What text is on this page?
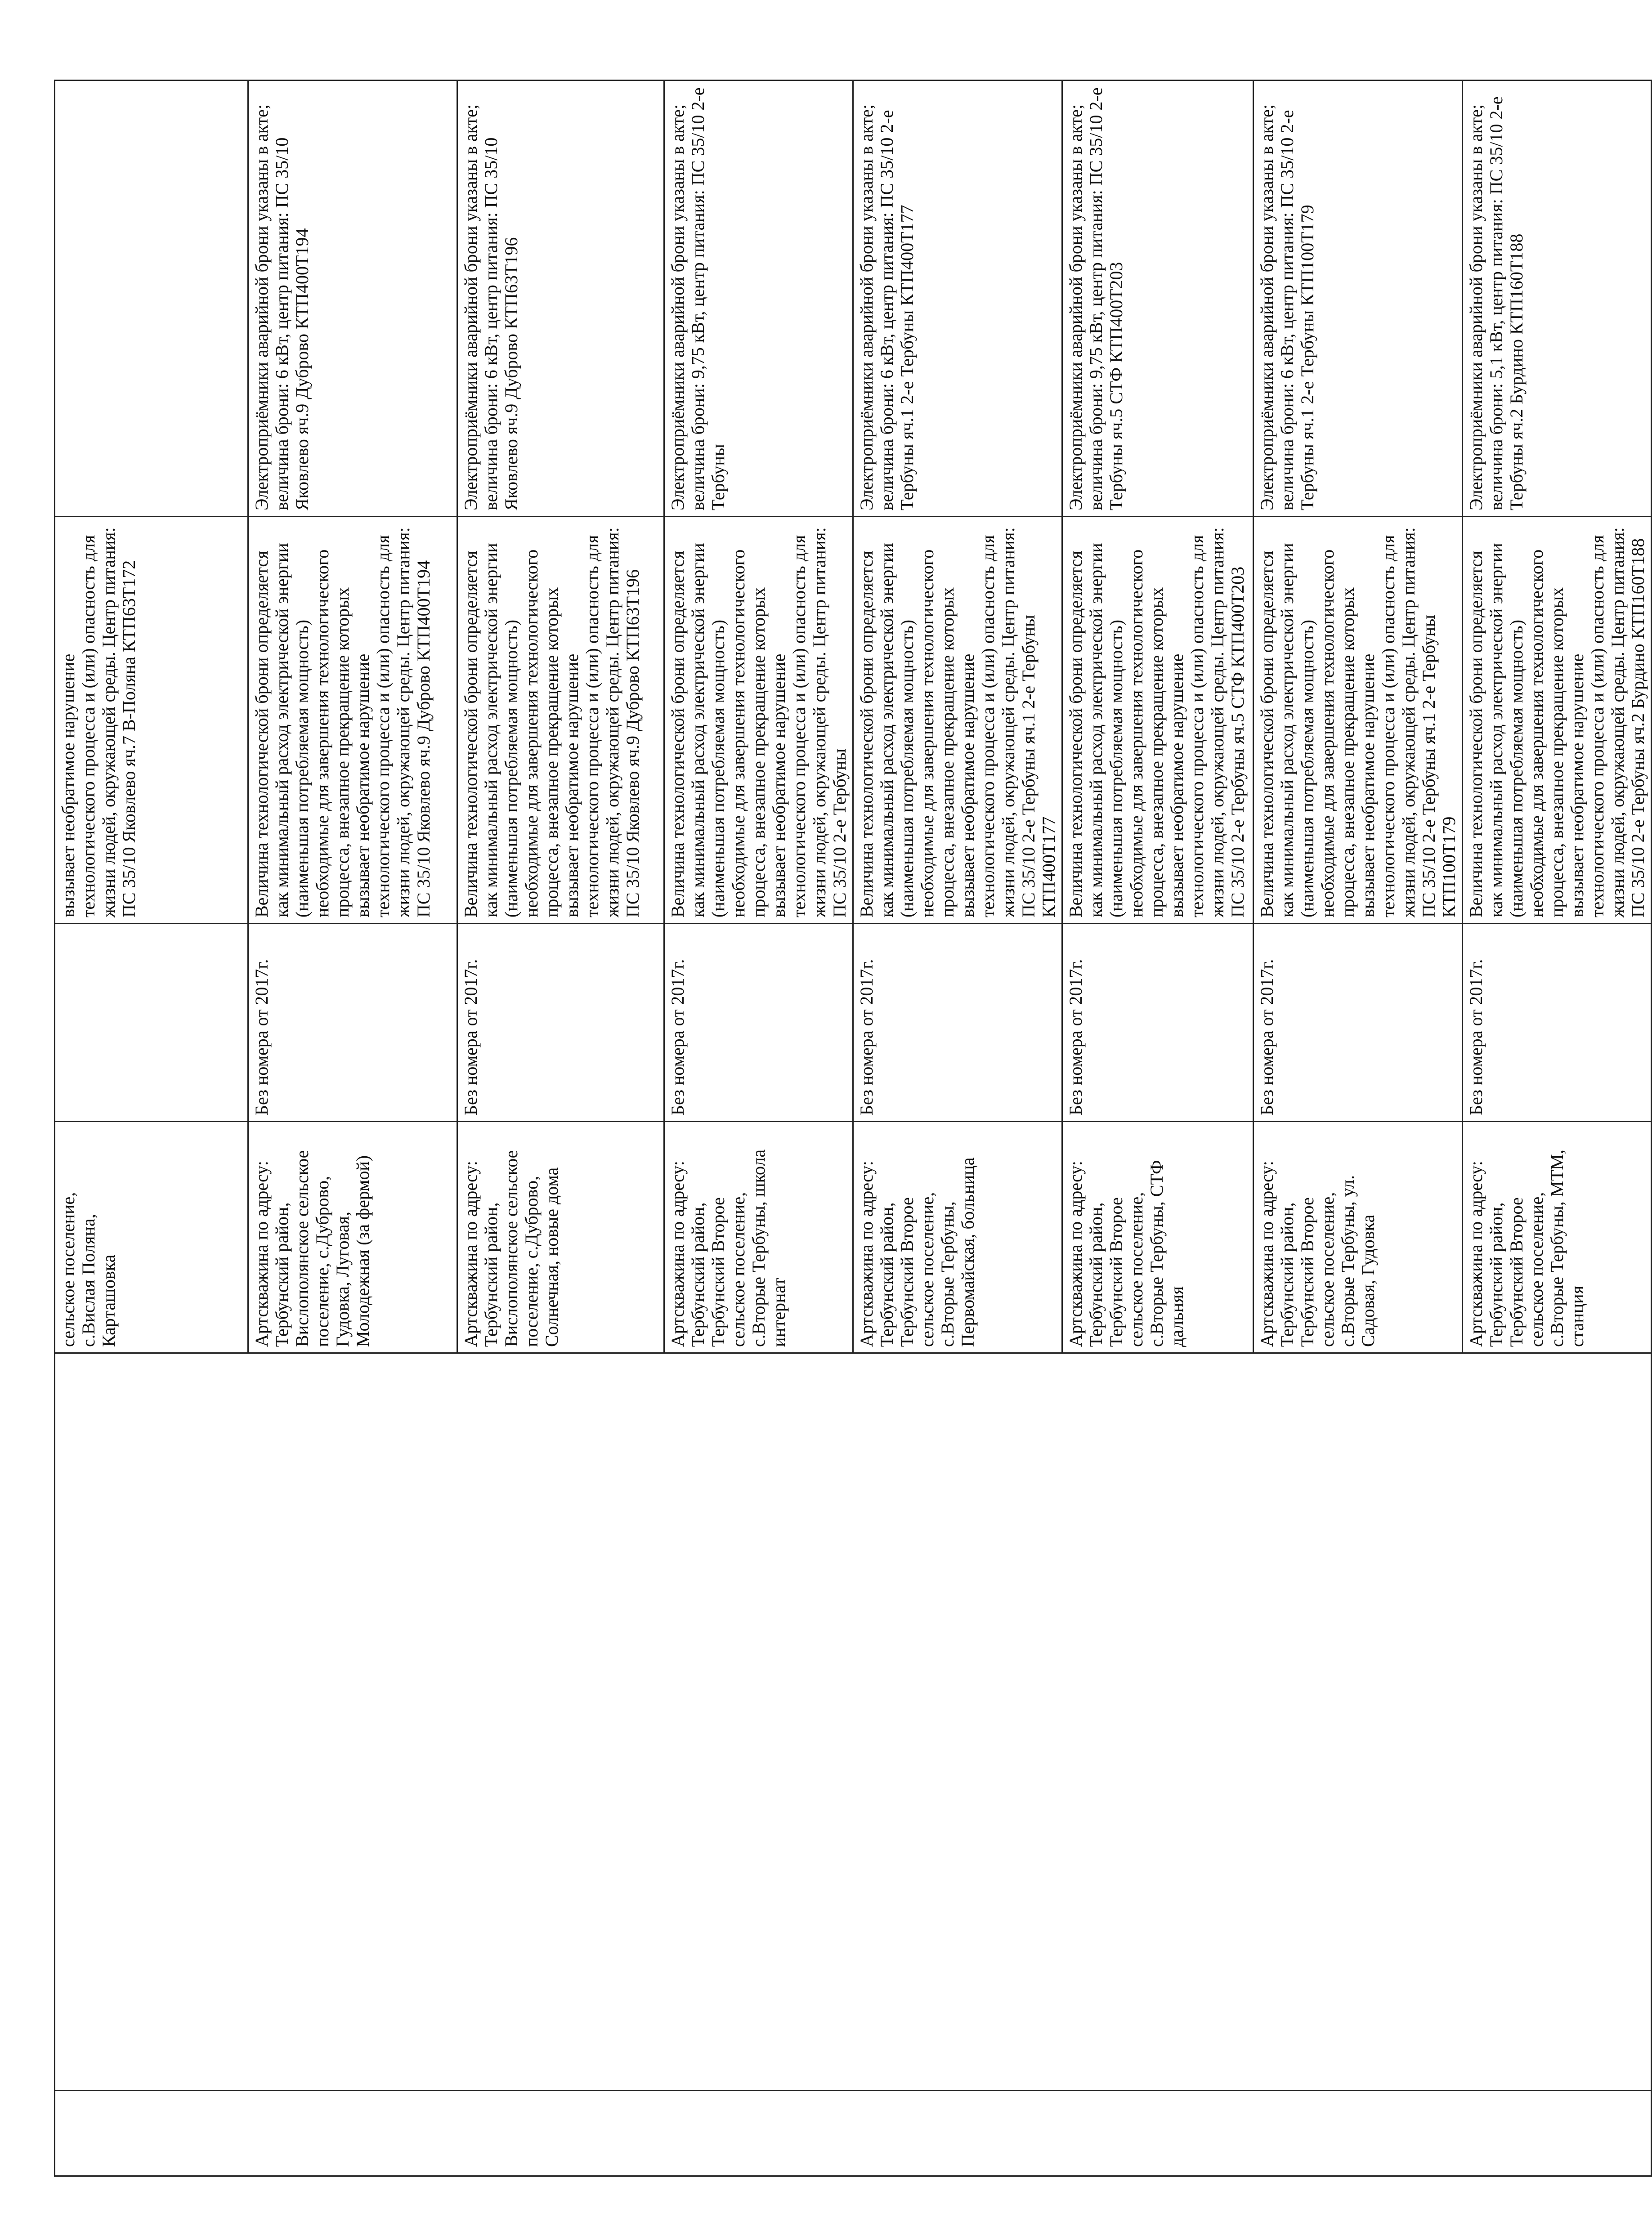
		сельское поселение, с.Вислая Поляна, Карташовка		вызывает необратимое нарушение технологического процесса и (или) опасность для жизни людей, окружающей среды. Центр питания: ПС 35/10 Яковлево яч.7 В-Поляна КТП63Т172	

		Артскважина по адресу: Тербунский район, Вислополянское сельское поселение, с.Дуброво, Гудовка, Луговая, Молодежная (за фермой)	Без номера от 2017г.	Величина технологической брони определяется как минимальный расход электрической энергии (наименьшая потребляемая мощность) необходимые для завершения технологического процесса, внезапное прекращение которых вызывает необратимое нарушение технологического процесса и (или) опасность для жизни людей, окружающей среды. Центр питания: ПС 35/10 Яковлево яч.9 Дуброво КТП400Т194	Электроприёмники аварийной брони указаны в акте; величина брони: 6 кВт, центр питания: ПС 35/10 Яковлево яч.9 Дуброво КТП400Т194

		Артскважина по адресу: Тербунский район, Вислополянское сельское поселение, с.Дуброво, Солнечная, новые дома	Без номера от 2017г.	Величина технологической брони определяется как минимальный расход электрической энергии (наименьшая потребляемая мощность) необходимые для завершения технологического процесса, внезапное прекращение которых вызывает необратимое нарушение технологического процесса и (или) опасность для жизни людей, окружающей среды. Центр питания: ПС 35/10 Яковлево яч.9 Дуброво КТП63Т196	Электроприёмники аварийной брони указаны в акте; величина брони: 6 кВт, центр питания: ПС 35/10 Яковлево яч.9 Дуброво КТП63Т196

		Артскважина по адресу: Тербунский район, Тербунский Второе сельское поселение, с.Вторые Тербуны, школа интернат	Без номера от 2017г.	Величина технологической брони определяется как минимальный расход электрической энергии (наименьшая потребляемая мощность) необходимые для завершения технологического процесса, внезапное прекращение которых вызывает необратимое нарушение технологического процесса и (или) опасность для жизни людей, окружающей среды. Центр питания: ПС 35/10 2-е Тербуны	Электроприёмники аварийной брони указаны в акте; величина брони: 9,75 кВт, центр питания: ПС 35/10 2-е Тербуны

		Артскважина по адресу: Тербунский район, Тербунский Второе сельское поселение, с.Вторые Тербуны, Первомайская, больница	Без номера от 2017г.	Величина технологической брони определяется как минимальный расход электрической энергии (наименьшая потребляемая мощность) необходимые для завершения технологического процесса, внезапное прекращение которых вызывает необратимое нарушение технологического процесса и (или) опасность для жизни людей, окружающей среды. Центр питания: ПС 35/10 2-е Тербуны яч.1 2-е Тербуны КТП400Т177	Электроприёмники аварийной брони указаны в акте; величина брони: 6 кВт, центр питания: ПС 35/10 2-е Тербуны яч.1 2-е Тербуны КТП400Т177

		Артскважина по адресу: Тербунский район, Тербунский Второе сельское поселение, с.Вторые Тербуны, СТФ дальняя	Без номера от 2017г.	Величина технологической брони определяется как минимальный расход электрической энергии (наименьшая потребляемая мощность) необходимые для завершения технологического процесса, внезапное прекращение которых вызывает необратимое нарушение технологического процесса и (или) опасность для жизни людей, окружающей среды. Центр питания: ПС 35/10 2-е Тербуны яч.5 СТФ КТП400Т203	Электроприёмники аварийной брони указаны в акте; величина брони: 9,75 кВт, центр питания: ПС 35/10 2-е Тербуны яч.5 СТФ КТП400Т203

		Артскважина по адресу: Тербунский район, Тербунский Второе сельское поселение, с.Вторые Тербуны, ул. Садовая, Гудовка	Без номера от 2017г.	Величина технологической брони определяется как минимальный расход электрической энергии (наименьшая потребляемая мощность) необходимые для завершения технологического процесса, внезапное прекращение которых вызывает необратимое нарушение технологического процесса и (или) опасность для жизни людей, окружающей среды. Центр питания: ПС 35/10 2-е Тербуны яч.1 2-е Тербуны КТП100Т179	Электроприёмники аварийной брони указаны в акте; величина брони: 6 кВт, центр питания: ПС 35/10 2-е Тербуны яч.1 2-е Тербуны КТП100Т179

		Артскважина по адресу: Тербунский район, Тербунский Второе сельское поселение, с.Вторые Тербуны, МТМ, станция	Без номера от 2017г.	Величина технологической брони определяется как минимальный расход электрической энергии (наименьшая потребляемая мощность) необходимые для завершения технологического процесса, внезапное прекращение которых вызывает необратимое нарушение технологического процесса и (или) опасность для жизни людей, окружающей среды. Центр питания: ПС 35/10 2-е Тербуны яч.2 Бурдино КТП160Т188	Электроприёмники аварийной брони указаны в акте; величина брони: 5,1 кВт, центр питания: ПС 35/10 2-е Тербуны яч.2 Бурдино КТП160Т188
